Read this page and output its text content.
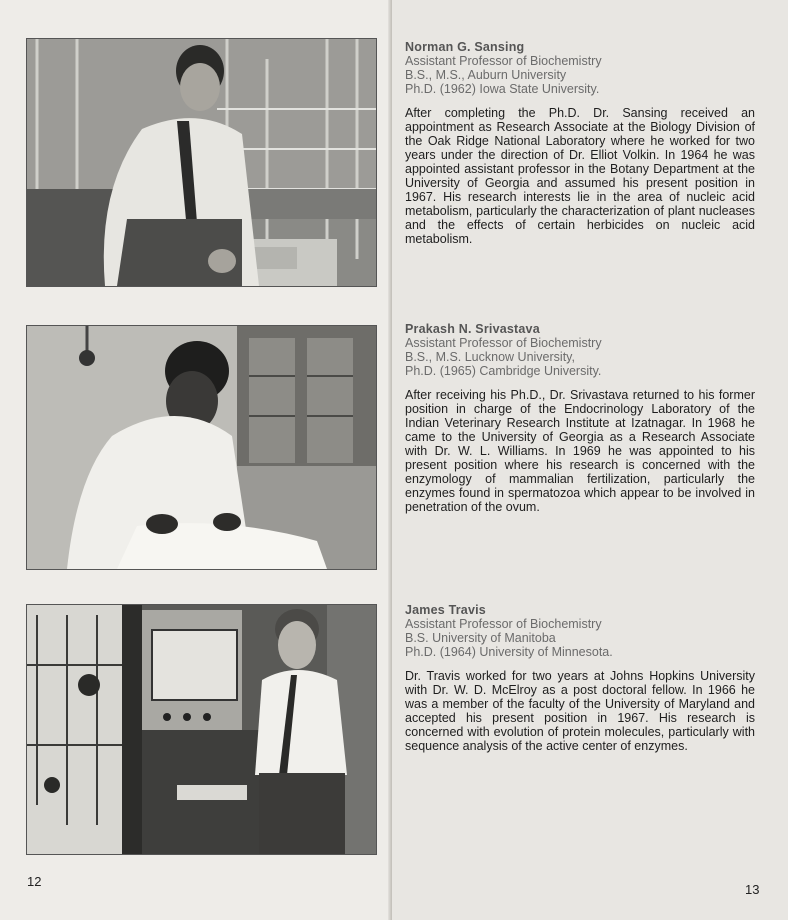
12
Norman G. Sansing
Assistant Professor of Biochemistry
B.S., M.S., Auburn University
Ph.D. (1962) Iowa State University.
After completing the Ph.D. Dr. Sansing received an appointment as Research Associate at the Biology Division of the Oak Ridge National Laboratory where he worked for two years under the direction of Dr. Elliot Volkin. In 1964 he was appointed assistant professor in the Botany Department at the University of Georgia and assumed his present position in 1967. His research interests lie in the area of nucleic acid metabolism, particularly the characterization of plant nucleases and the effects of certain herbicides on nucleic acid metabolism.
Prakash N. Srivastava
Assistant Professor of Biochemistry
B.S., M.S. Lucknow University,
Ph.D. (1965) Cambridge University.
After receiving his Ph.D., Dr. Srivastava returned to his former position in charge of the Endocrinology Laboratory of the Indian Veterinary Research Institute at Izatnagar. In 1968 he came to the University of Georgia as a Research Associate with Dr. W. L. Williams. In 1969 he was appointed to his present position where his research is concerned with the enzymology of mammalian fertilization, particularly the enzymes found in spermatozoa which appear to be involved in penetration of the ovum.
James Travis
Assistant Professor of Biochemistry
B.S. University of Manitoba
Ph.D. (1964) University of Minnesota.
Dr. Travis worked for two years at Johns Hopkins University with Dr. W. D. McElroy as a post doctoral fellow. In 1966 he was a member of the faculty of the University of Maryland and accepted his present position in 1967. His research is concerned with evolution of protein molecules, particularly with sequence analysis of the active center of enzymes.
13
